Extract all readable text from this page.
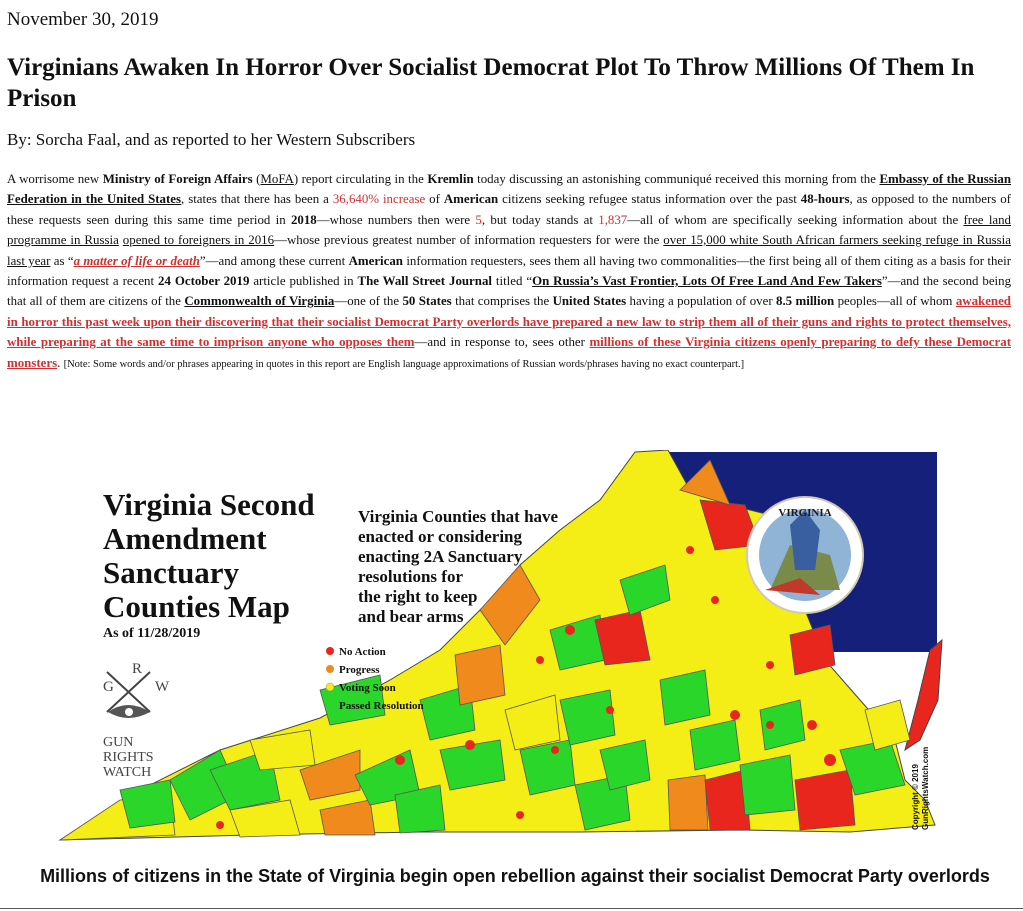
November 30, 2019
Virginians Awaken In Horror Over Socialist Democrat Plot To Throw Millions Of Them In Prison
By: Sorcha Faal, and as reported to her Western Subscribers

A worrisome new Ministry of Foreign Affairs (MoFA) report circulating in the Kremlin today discussing an astonishing communiqué received this morning from the Embassy of the Russian Federation in the United States, states that there has been a 36,640% increase of American citizens seeking refugee status information over the past 48-hours, as opposed to the numbers of these requests seen during this same time period in 2018—whose numbers then were 5, but today stands at 1,837—all of whom are specifically seeking information about the free land programme in Russia opened to foreigners in 2016—whose previous greatest number of information requesters for were the over 15,000 white South African farmers seeking refuge in Russia last year as “a matter of life or death”—and among these current American information requesters, sees them all having two commonalities—the first being all of them citing as a basis for their information request a recent 24 October 2019 article published in The Wall Street Journal titled “On Russia’s Vast Frontier, Lots Of Free Land And Few Takers”—and the second being that all of them are citizens of the Commonwealth of Virginia—one of the 50 States that comprises the United States having a population of over 8.5 million peoples—all of whom awakened in horror this past week upon their discovering that their socialist Democrat Party overlords have prepared a new law to strip them all of their guns and rights to protect themselves, while preparing at the same time to imprison anyone who opposes them—and in response to, sees other millions of these Virginia citizens openly preparing to defy these Democrat monsters. [Note: Some words and/or phrases appearing in quotes in this report are English language approximations of Russian words/phrases having no exact counterpart.]

VIRGINIA
Virginia Second
Amendment
Sanctuary
Counties Map
As of 11/28/2019
Virginia Counties that have
enacted or considering
enacting 2A Sanctuary
resolutions for
the right to keep
and bear arms
No Action
Progress
Voting Soon
Passed Resolution
R
G	W
GUN
RIGHTS
WATCH	Copyright © 2019 GunRightsWatch.com

Millions of citizens in the State of Virginia begin open rebellion against their socialist Democrat Party overlords
